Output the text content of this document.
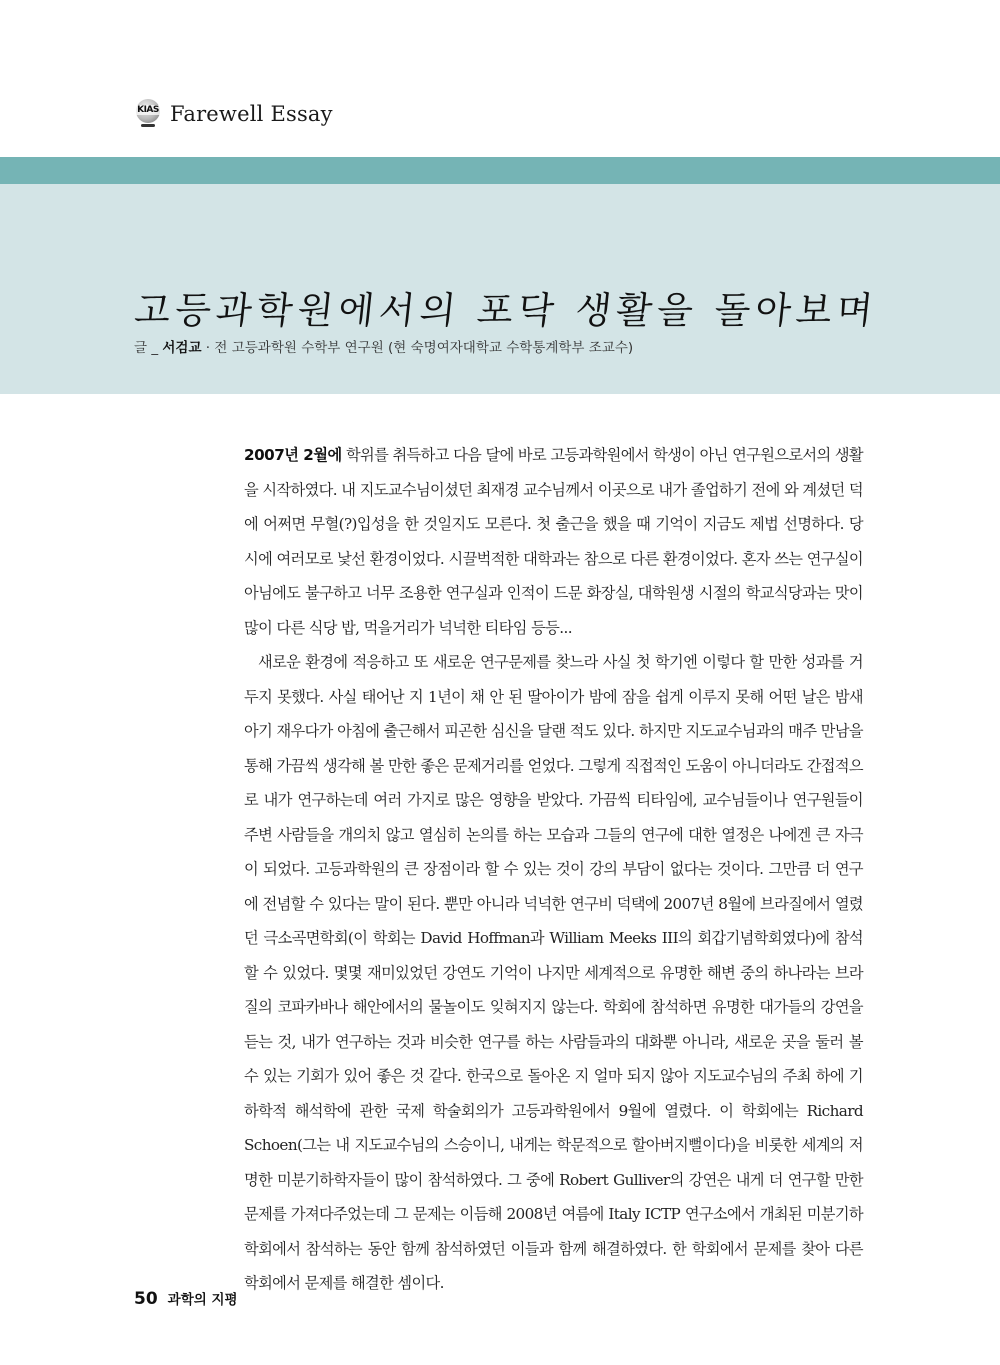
KIAS Farewell Essay
고등과학원에서의 포닥 생활을 돌아보며
글 _ 서검교 · 전 고등과학원 수학부 연구원 (현 숙명여자대학교 수학통계학부 조교수)

2007년 2월에 학위를 취득하고 다음 달에 바로 고등과학원에서 학생이 아닌 연구원으로서의 생활을 시작하였다. 내 지도교수님이셨던 최재경 교수님께서 이곳으로 내가 졸업하기 전에 와 계셨던 덕에 어쩌면 무혈(?)입성을 한 것일지도 모른다. 첫 출근을 했을 때 기억이 지금도 제법 선명하다. 당시에 여러모로 낯선 환경이었다. 시끌벅적한 대학과는 참으로 다른 환경이었다. 혼자 쓰는 연구실이 아님에도 불구하고 너무 조용한 연구실과 인적이 드문 화장실, 대학원생 시절의 학교식당과는 맛이 많이 다른 식당 밥, 먹을거리가 넉넉한 티타임 등등...

새로운 환경에 적응하고 또 새로운 연구문제를 찾느라 사실 첫 학기엔 이렇다 할 만한 성과를 거두지 못했다. 사실 태어난 지 1년이 채 안 된 딸아이가 밤에 잠을 쉽게 이루지 못해 어떤 날은 밤새 아기 재우다가 아침에 출근해서 피곤한 심신을 달랜 적도 있다. 하지만 지도교수님과의 매주 만남을 통해 가끔씩 생각해 볼 만한 좋은 문제거리를 얻었다. 그렇게 직접적인 도움이 아니더라도 간접적으로 내가 연구하는데 여러 가지로 많은 영향을 받았다. 가끔씩 티타임에, 교수님들이나 연구원들이 주변 사람들을 개의치 않고 열심히 논의를 하는 모습과 그들의 연구에 대한 열정은 나에겐 큰 자극이 되었다. 고등과학원의 큰 장점이라 할 수 있는 것이 강의 부담이 없다는 것이다. 그만큼 더 연구에 전념할 수 있다는 말이 된다. 뿐만 아니라 넉넉한 연구비 덕택에 2007년 8월에 브라질에서 열렸던 극소곡면학회(이 학회는 David Hoffman과 William Meeks III의 회갑기념학회였다)에 참석할 수 있었다. 몇몇 재미있었던 강연도 기억이 나지만 세계적으로 유명한 해변 중의 하나라는 브라질의 코파카바나 해안에서의 물놀이도 잊혀지지 않는다. 학회에 참석하면 유명한 대가들의 강연을 듣는 것, 내가 연구하는 것과 비슷한 연구를 하는 사람들과의 대화뿐 아니라, 새로운 곳을 둘러 볼 수 있는 기회가 있어 좋은 것 같다. 한국으로 돌아온 지 얼마 되지 않아 지도교수님의 주최 하에 기하학적 해석학에 관한 국제 학술회의가 고등과학원에서 9월에 열렸다. 이 학회에는 Richard Schoen(그는 내 지도교수님의 스승이니, 내게는 학문적으로 할아버지뻘이다)을 비롯한 세계의 저명한 미분기하학자들이 많이 참석하였다. 그 중에 Robert Gulliver의 강연은 내게 더 연구할 만한 문제를 가져다주었는데 그 문제는 이듬해 2008년 여름에 Italy ICTP 연구소에서 개최된 미분기하학회에서 참석하는 동안 함께 참석하였던 이들과 함께 해결하였다. 한 학회에서 문제를 찾아 다른 학회에서 문제를 해결한 셈이다.

50 과학의 지평
